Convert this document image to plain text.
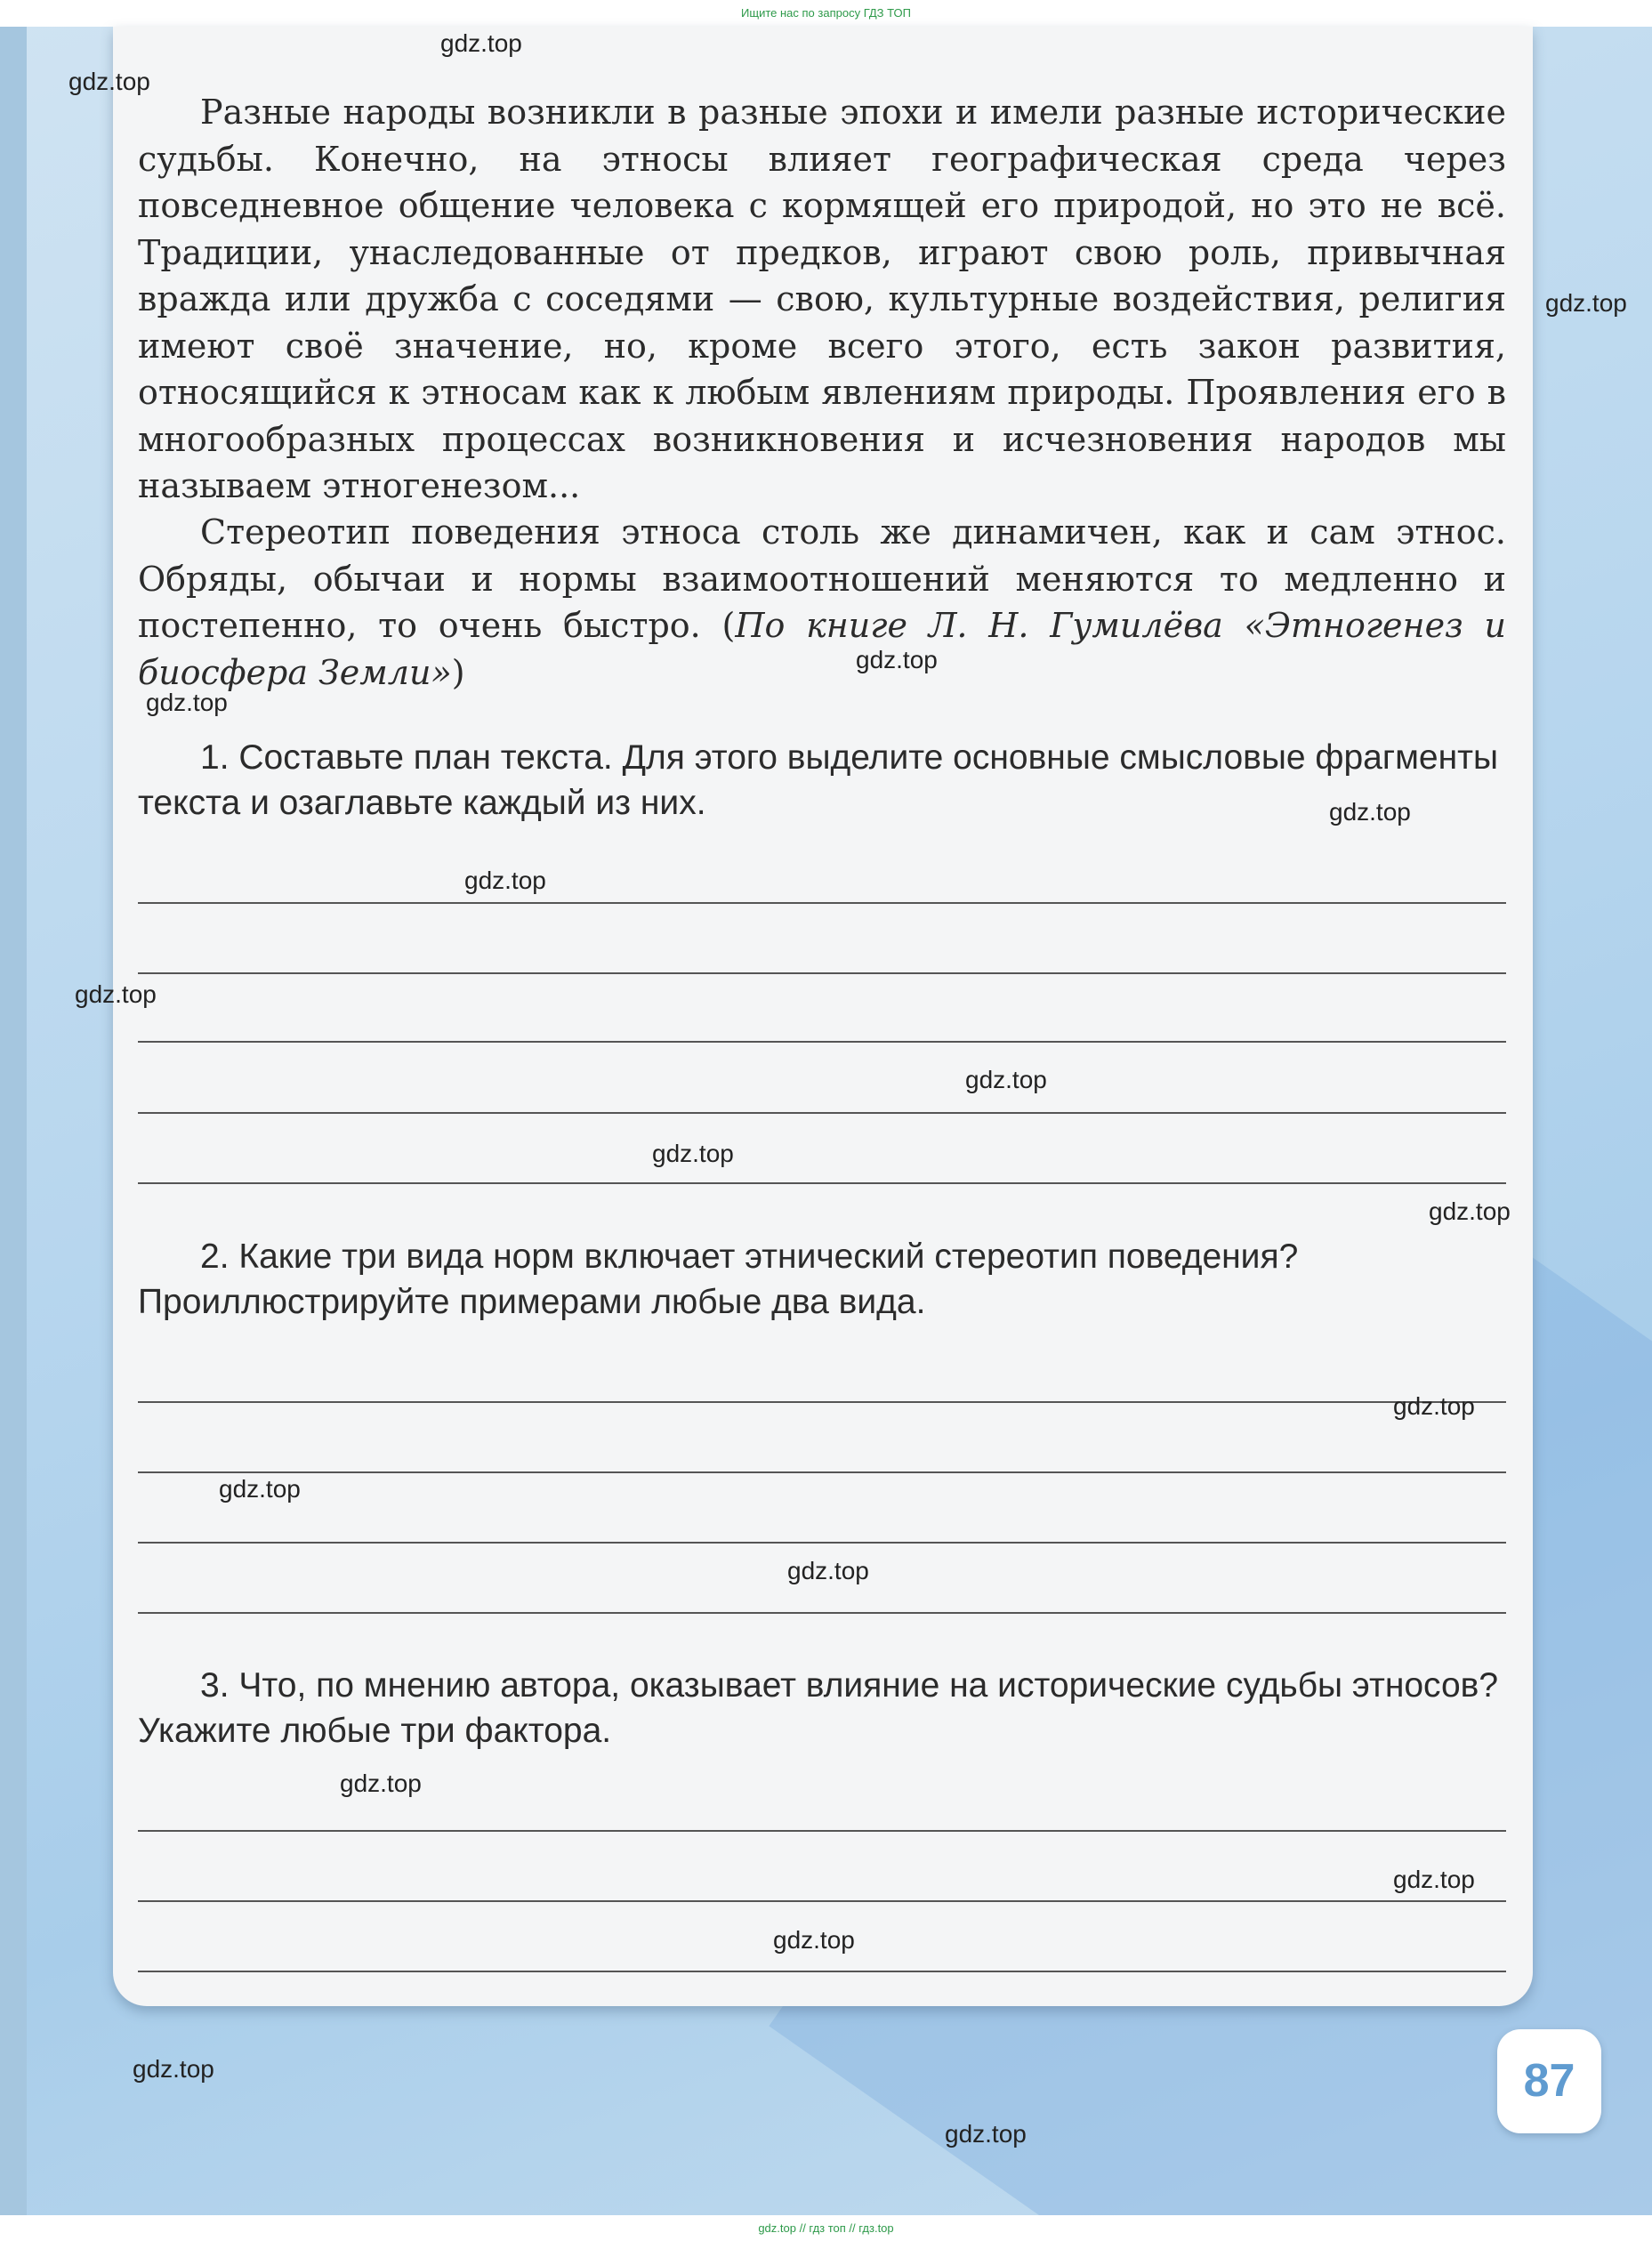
Ищите нас по запросу ГДЗ ТОП

Разные народы возникли в разные эпохи и имели разные исторические судьбы. Конечно, на этносы влияет географическая среда через повседневное общение человека с кормящей его природой, но это не всё. Традиции, унаследованные от предков, играют свою роль, привычная вражда или дружба с соседями — свою, культурные воздействия, религия имеют своё значение, но, кроме всего этого, есть закон развития, относящийся к этносам как к любым явлениям природы. Проявления его в многообразных процессах возникновения и исчезновения народов мы называем этногенезом...

Стереотип поведения этноса столь же динамичен, как и сам этнос. Обряды, обычаи и нормы взаимоотношений меняются то медленно и постепенно, то очень быстро. (По книге Л. Н. Гумилёва «Этногенез и биосфера Земли»)

1. Составьте план текста. Для этого выделите основные смысловые фрагменты текста и озаглавьте каждый из них.

2. Какие три вида норм включает этнический стереотип поведения? Проиллюстрируйте примерами любые два вида.

3. Что, по мнению автора, оказывает влияние на исторические судьбы этносов? Укажите любые три фактора.

87
gdz.top
gdz.top
gdz.top
gdz.top
gdz.top
gdz.top
gdz.top
gdz.top
gdz.top
gdz.top
gdz.top
gdz.top
gdz.top
gdz.top
gdz.top
gdz.top
gdz.top
gdz.top
gdz.top
gdz.top // гдз топ // гдз.top
